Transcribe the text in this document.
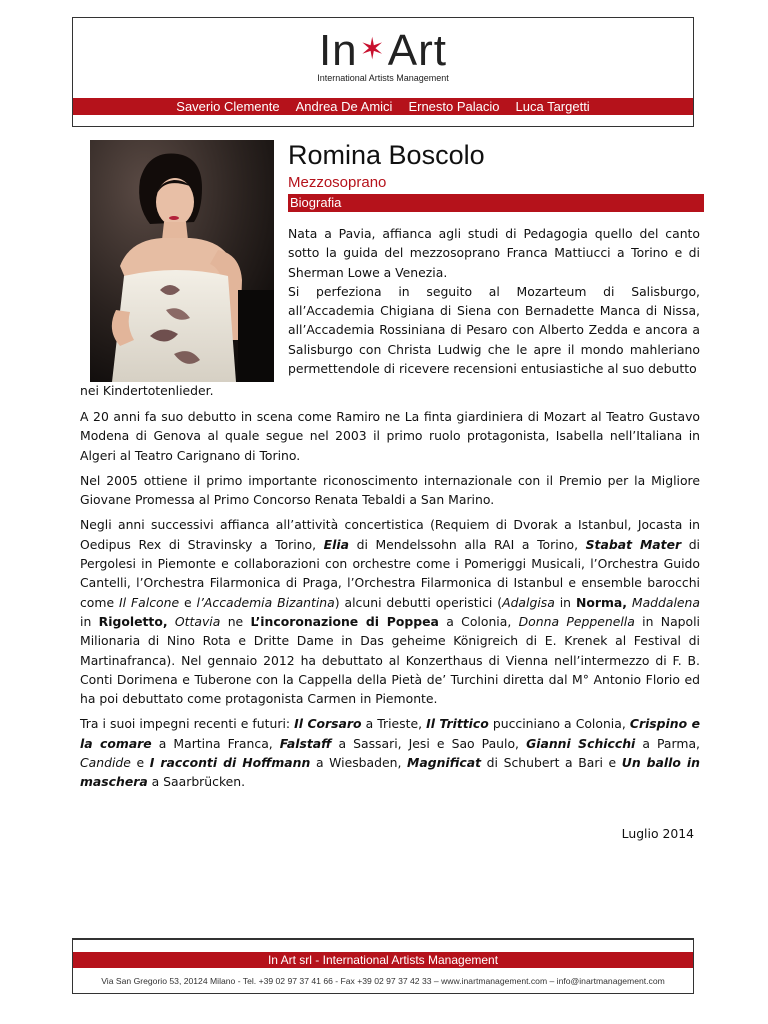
In✶Art
International Artists Management
Saverio Clemente Andrea De Amici Ernesto Palacio Luca Targetti
Romina Boscolo
Mezzosoprano
Biografia

Nata a Pavia, affianca agli studi di Pedagogia quello del canto sotto la guida del mezzosoprano Franca Mattiucci a Torino e di Sherman Lowe a Venezia.

Si perfeziona in seguito al Mozarteum di Salisburgo, all’Accademia Chigiana di Siena con Bernadette Manca di Nissa, all’Accademia Rossiniana di Pesaro con Alberto Zedda e ancora a Salisburgo con Christa Ludwig che le apre il mondo mahleriano permettendole di ricevere recensioni entusiastiche al suo debutto

nei Kindertotenlieder.

A 20 anni fa suo debutto in scena come Ramiro ne La finta giardiniera di Mozart al Teatro Gustavo Modena di Genova al quale segue nel 2003 il primo ruolo protagonista, Isabella nell’Italiana in Algeri al Teatro Carignano di Torino.

Nel 2005 ottiene il primo importante riconoscimento internazionale con il Premio per la Migliore Giovane Promessa al Primo Concorso Renata Tebaldi a San Marino.

Negli anni successivi affianca all’attività concertistica (Requiem di Dvorak a Istanbul, Jocasta in Oedipus Rex di Stravinsky a Torino, Elia di Mendelssohn alla RAI a Torino, Stabat Mater di Pergolesi in Piemonte e collaborazioni con orchestre come i Pomeriggi Musicali, l’Orchestra Guido Cantelli, l’Orchestra Filarmonica di Praga, l’Orchestra Filarmonica di Istanbul e ensemble barocchi come Il Falcone e l’Accademia Bizantina) alcuni debutti operistici (Adalgisa in Norma, Maddalena in Rigoletto, Ottavia ne L’incoronazione di Poppea a Colonia, Donna Peppenella in Napoli Milionaria di Nino Rota e Dritte Dame in Das geheime Königreich di E. Krenek al Festival di Martinafranca). Nel gennaio 2012 ha debuttato al Konzerthaus di Vienna nell’intermezzo di F. B. Conti Dorimena e Tuberone con la Cappella della Pietà de’ Turchini diretta dal M° Antonio Florio ed ha poi debuttato come protagonista Carmen in Piemonte.

Tra i suoi impegni recenti e futuri: Il Corsaro a Trieste, Il Trittico pucciniano a Colonia, Crispino e la comare a Martina Franca, Falstaff a Sassari, Jesi e Sao Paulo, Gianni Schicchi a Parma, Candide e I racconti di Hoffmann a Wiesbaden, Magnificat di Schubert a Bari e Un ballo in maschera a Saarbrücken.

Luglio 2014
In Art srl - International Artists Management
Via San Gregorio 53, 20124 Milano - Tel. +39 02 97 37 41 66 - Fax +39 02 97 37 42 33 – www.inartmanagement.com – info@inartmanagement.com
